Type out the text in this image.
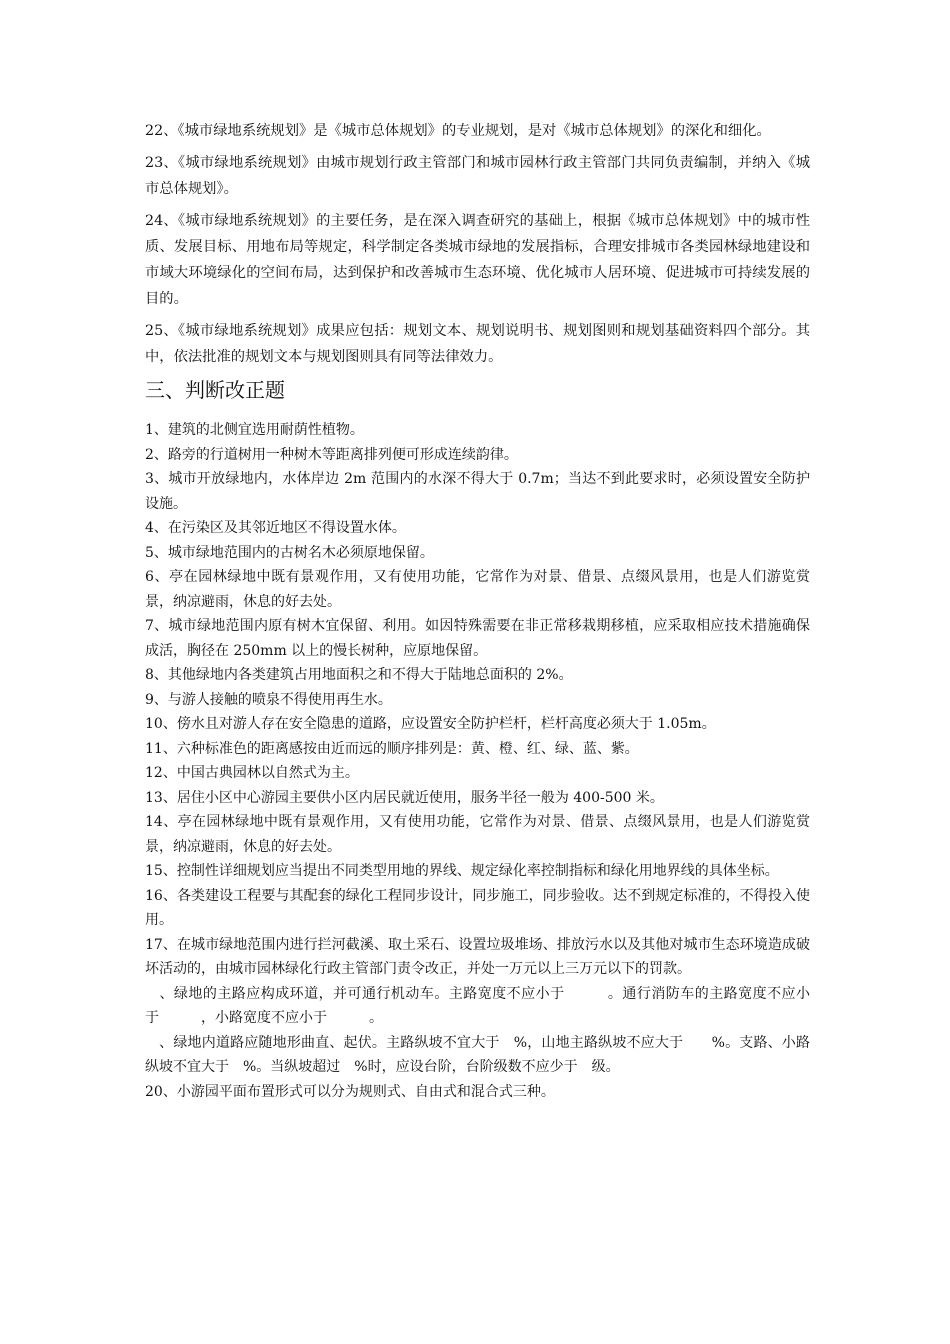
22、《城市绿地系统规划》是《城市总体规划》的专业规划，是对《城市总体规划》的深化和细化。

23、《城市绿地系统规划》由城市规划行政主管部门和城市园林行政主管部门共同负责编制，并纳入《城市总体规划》。

24、《城市绿地系统规划》的主要任务，是在深入调查研究的基础上，根据《城市总体规划》中的城市性质、发展目标、用地布局等规定，科学制定各类城市绿地的发展指标，合理安排城市各类园林绿地建设和市域大环境绿化的空间布局，达到保护和改善城市生态环境、优化城市人居环境、促进城市可持续发展的目的。

25、《城市绿地系统规划》成果应包括：规划文本、规划说明书、规划图则和规划基础资料四个部分。其中，依法批准的规划文本与规划图则具有同等法律效力。

三、判断改正题

1、建筑的北侧宜选用耐荫性植物。

2、路旁的行道树用一种树木等距离排列便可形成连续韵律。

3、城市开放绿地内，水体岸边 2m 范围内的水深不得大于 0.7m；当达不到此要求时，必须设置安全防护设施。

4、在污染区及其邻近地区不得设置水体。

5、城市绿地范围内的古树名木必须原地保留。

6、亭在园林绿地中既有景观作用，又有使用功能，它常作为对景、借景、点缀风景用，也是人们游览赏景，纳凉避雨，休息的好去处。

7、城市绿地范围内原有树木宜保留、利用。如因特殊需要在非正常移栽期移植，应采取相应技术措施确保成活，胸径在 250mm 以上的慢长树种，应原地保留。

8、其他绿地内各类建筑占用地面积之和不得大于陆地总面积的 2%。

9、与游人接触的喷泉不得使用再生水。

10、傍水且对游人存在安全隐患的道路，应设置安全防护栏杆，栏杆高度必须大于 1.05m。

11、六种标准色的距离感按由近而远的顺序排列是：黄、橙、红、绿、蓝、紫。

12、中国古典园林以自然式为主。

13、居住小区中心游园主要供小区内居民就近使用，服务半径一般为 400-500 米。

14、亭在园林绿地中既有景观作用，又有使用功能，它常作为对景、借景、点缀风景用，也是人们游览赏景，纳凉避雨，休息的好去处。

15、控制性详细规划应当提出不同类型用地的界线、规定绿化率控制指标和绿化用地界线的具体坐标。

16、各类建设工程要与其配套的绿化工程同步设计，同步施工，同步验收。达不到规定标准的，不得投入使用。

17、在城市绿地范围内进行拦河截溪、取土采石、设置垃圾堆场、排放污水以及其他对城市生态环境造成破坏活动的，由城市园林绿化行政主管部门责令改正，并处一万元以上三万元以下的罚款。

　、绿地的主路应构成环道，并可通行机动车。主路宽度不应小于　　　。通行消防车的主路宽度不应小于　　　，小路宽度不应小于　　　。

　、绿地内道路应随地形曲直、起伏。主路纵坡不宜大于　%，山地主路纵坡不应大于　　%。支路、小路纵坡不宜大于　%。当纵坡超过　%时，应设台阶，台阶级数不应少于　级。

20、小游园平面布置形式可以分为规则式、自由式和混合式三种。
